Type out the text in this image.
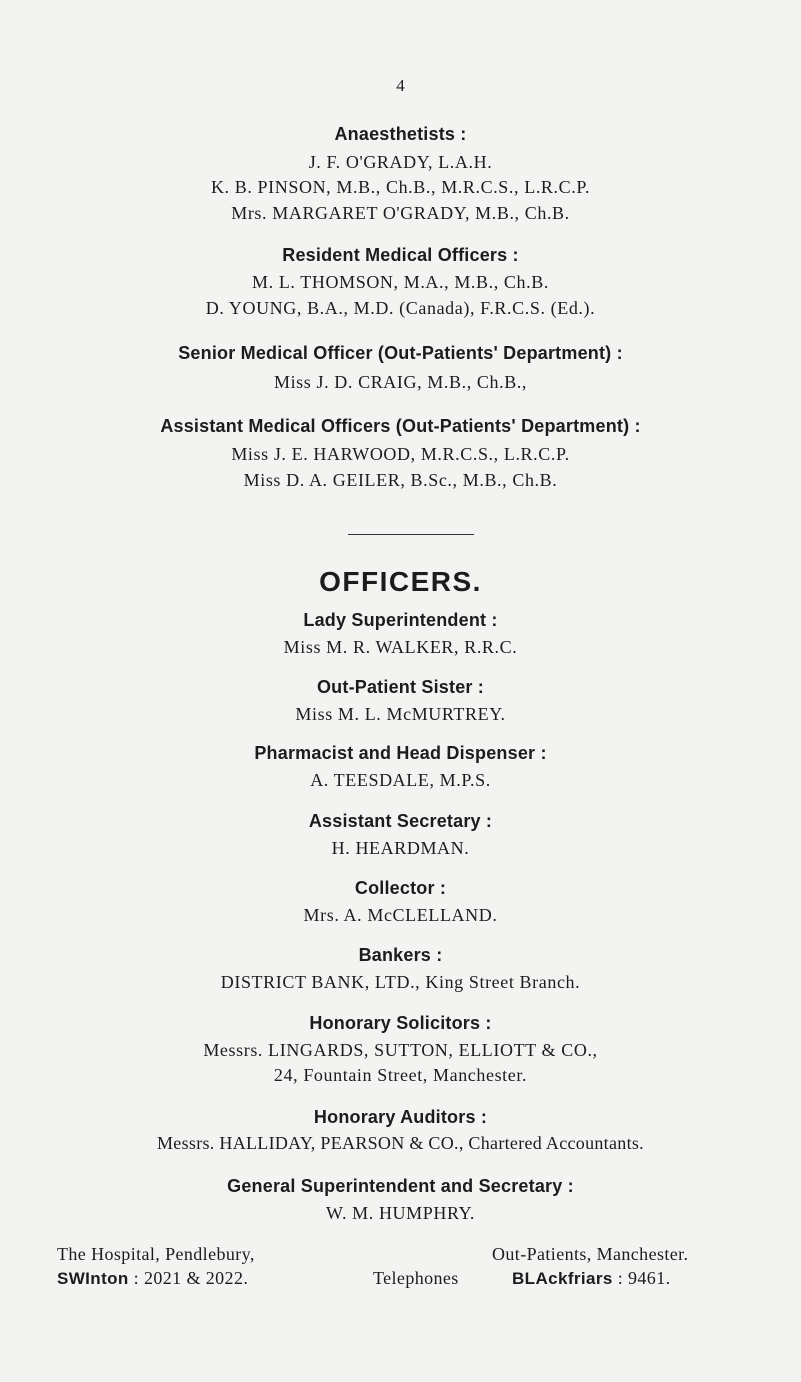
4
Anaesthetists :
J. F. O'GRADY, L.A.H.
K. B. PINSON, M.B., Ch.B., M.R.C.S., L.R.C.P.
Mrs. MARGARET O'GRADY, M.B., Ch.B.
Resident Medical Officers :
M. L. THOMSON, M.A., M.B., Ch.B.
D. YOUNG, B.A., M.D. (Canada), F.R.C.S. (Ed.).
Senior Medical Officer (Out-Patients' Department) :
Miss J. D. CRAIG, M.B., Ch.B.,
Assistant Medical Officers (Out-Patients' Department) :
Miss J. E. HARWOOD, M.R.C.S., L.R.C.P.
Miss D. A. GEILER, B.Sc., M.B., Ch.B.
OFFICERS.
Lady Superintendent :
Miss M. R. WALKER, R.R.C.
Out-Patient Sister :
Miss M. L. McMURTREY.
Pharmacist and Head Dispenser :
A. TEESDALE, M.P.S.
Assistant Secretary :
H. HEARDMAN.
Collector :
Mrs. A. McCLELLAND.
Bankers :
DISTRICT BANK, LTD., King Street Branch.
Honorary Solicitors :
Messrs. LINGARDS, SUTTON, ELLIOTT & CO.,
24, Fountain Street, Manchester.
Honorary Auditors :
Messrs. HALLIDAY, PEARSON & CO., Chartered Accountants.
General Superintendent and Secretary :
W. M. HUMPHRY.
The Hospital, Pendlebury,
SWInton : 2021 & 2022.	Telephones
Out-Patients, Manchester.
BLAckfriars : 9461.
